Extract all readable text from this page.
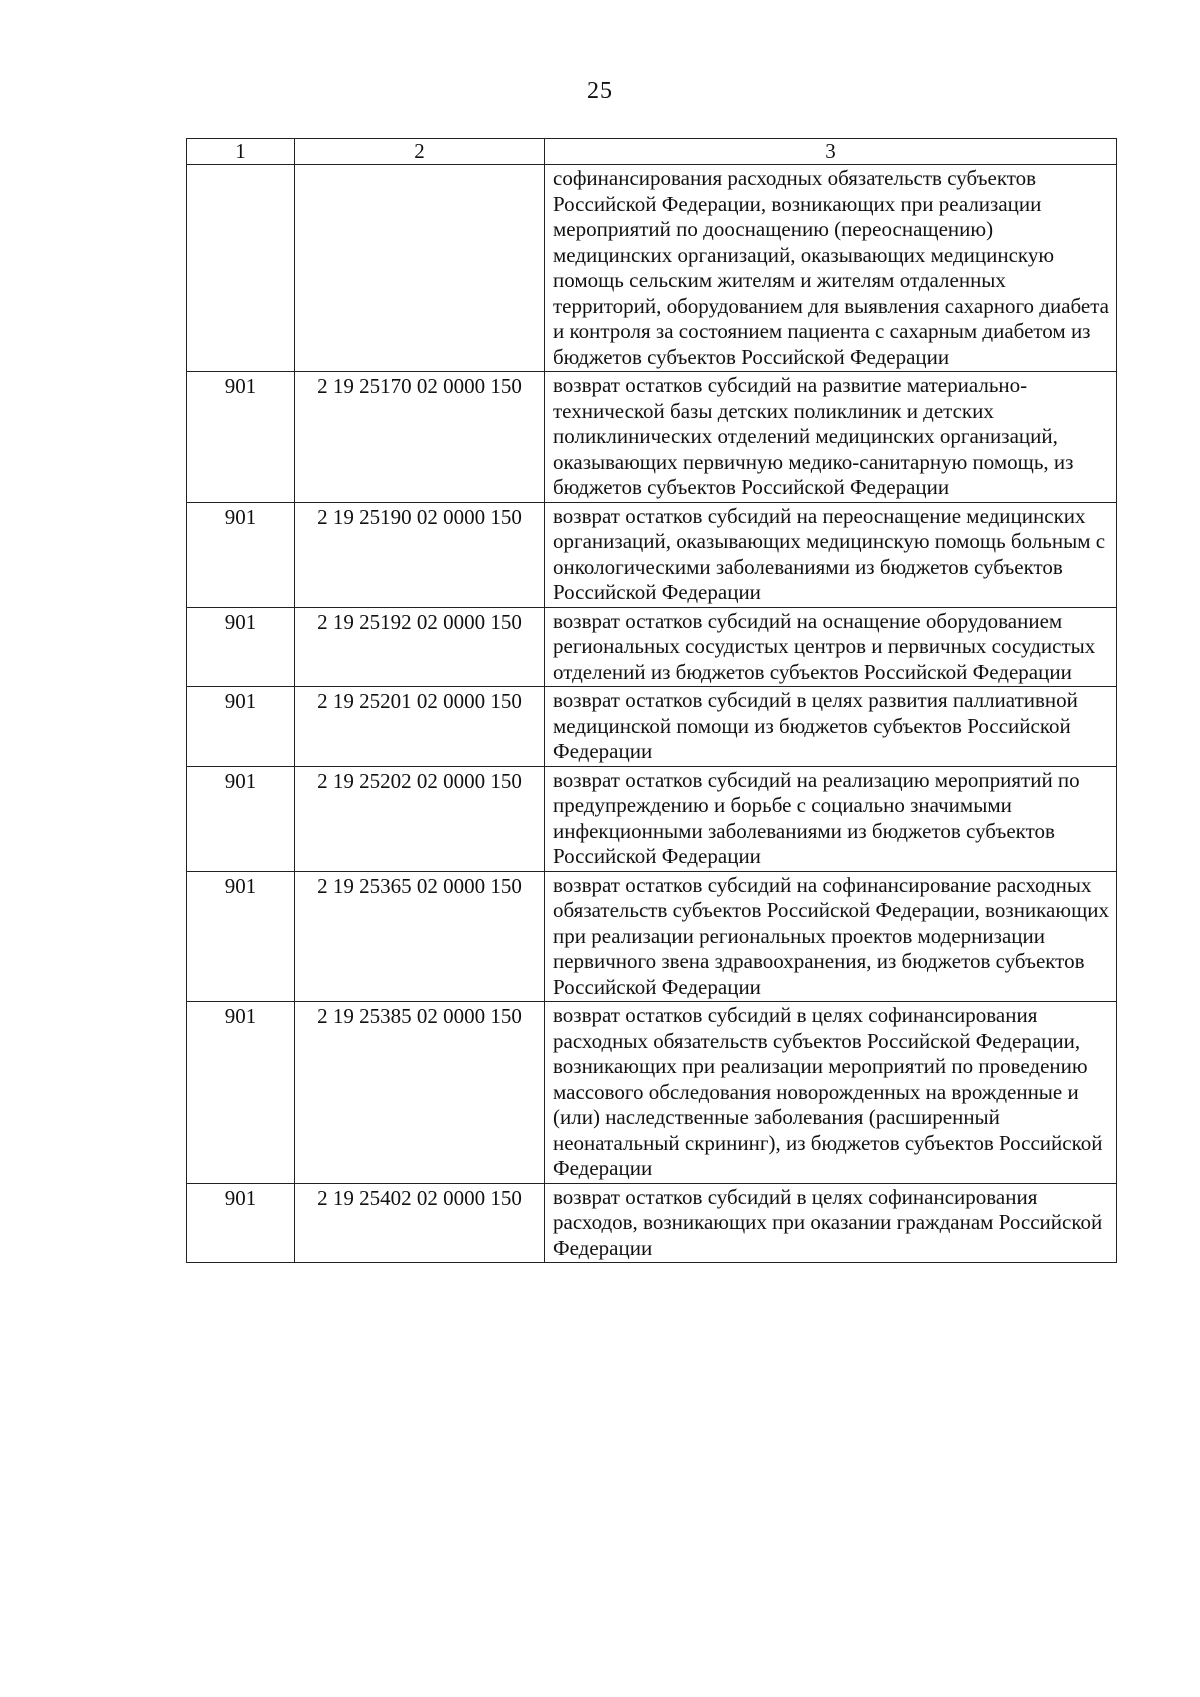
25
1	2	3
		софинансирования расходных обязательств субъектов Российской Федерации, возникающих при реализации мероприятий по дооснащению (переоснащению) медицинских организаций, оказывающих медицинскую помощь сельским жителям и жителям отдаленных территорий, оборудованием для выявления сахарного диабета и контроля за состоянием пациента с сахарным диабетом из бюджетов субъектов Российской Федерации
901	2 19 25170 02 0000 150	возврат остатков субсидий на развитие материально-технической базы детских поликлиник и детских поликлинических отделений медицинских организаций, оказывающих первичную медико-санитарную помощь, из бюджетов субъектов Российской Федерации
901	2 19 25190 02 0000 150	возврат остатков субсидий на переоснащение медицинских организаций, оказывающих медицинскую помощь больным с онкологическими заболеваниями из бюджетов субъектов Российской Федерации
901	2 19 25192 02 0000 150	возврат остатков субсидий на оснащение оборудованием региональных сосудистых центров и первичных сосудистых отделений из бюджетов субъектов Российской Федерации
901	2 19 25201 02 0000 150	возврат остатков субсидий в целях развития паллиативной медицинской помощи из бюджетов субъектов Российской Федерации
901	2 19 25202 02 0000 150	возврат остатков субсидий на реализацию мероприятий по предупреждению и борьбе с социально значимыми инфекционными заболеваниями из бюджетов субъектов Российской Федерации
901	2 19 25365 02 0000 150	возврат остатков субсидий на софинансирование расходных обязательств субъектов Российской Федерации, возникающих при реализации региональных проектов модернизации первичного звена здравоохранения, из бюджетов субъектов Российской Федерации
901	2 19 25385 02 0000 150	возврат остатков субсидий в целях софинансирования расходных обязательств субъектов Российской Федерации, возникающих при реализации мероприятий по проведению массового обследования новорожденных на врожденные и (или) наследственные заболевания (расширенный неонатальный скрининг), из бюджетов субъектов Российской Федерации
901	2 19 25402 02 0000 150	возврат остатков субсидий в целях софинансирования расходов, возникающих при оказании гражданам Российской Федерации
